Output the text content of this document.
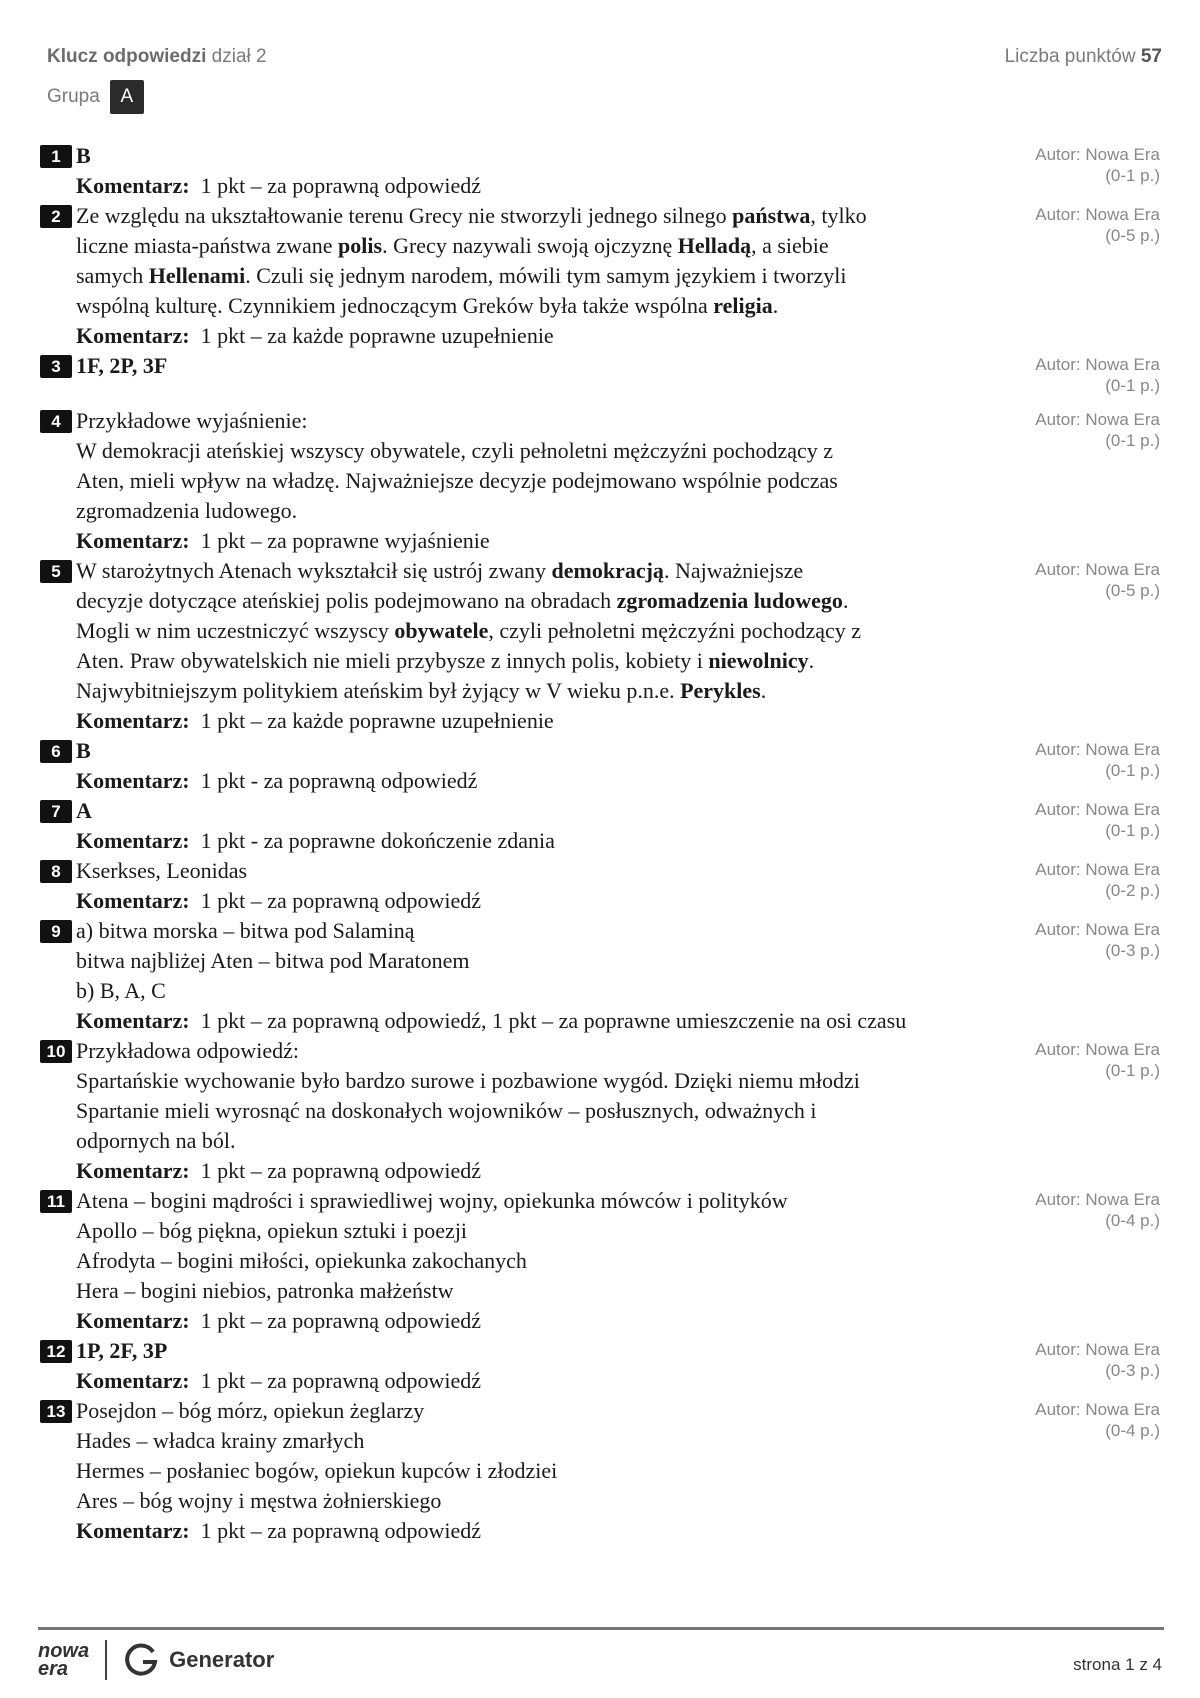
Klucz odpowiedzi dział 2	Liczba punktów 57
Grupa	A
1 B
Komentarz: 1 pkt – za poprawną odpowiedź
Autor: Nowa Era
(0-1 p.)
2 Ze względu na ukształtowanie terenu Grecy nie stworzyli jednego silnego państwa, tylko
liczne miasta-państwa zwane polis. Grecy nazywali swoją ojczyznę Helladą, a siebie
samych Hellenami. Czuli się jednym narodem, mówili tym samym językiem i tworzyli
wspólną kulturę. Czynnikiem jednoczącym Greków była także wspólna religia.
Komentarz: 1 pkt – za każde poprawne uzupełnienie
Autor: Nowa Era
(0-5 p.)
3 1F, 2P, 3F	Autor: Nowa Era
(0-1 p.)
4 Przykładowe wyjaśnienie:
W demokracji ateńskiej wszyscy obywatele, czyli pełnoletni mężczyźni pochodzący z
Aten, mieli wpływ na władzę. Najważniejsze decyzje podejmowano wspólnie podczas
zgromadzenia ludowego.
Komentarz: 1 pkt – za poprawne wyjaśnienie
Autor: Nowa Era
(0-1 p.)
5 W starożytnych Atenach wykształcił się ustrój zwany demokracją. Najważniejsze
decyzje dotyczące ateńskiej polis podejmowano na obradach zgromadzenia ludowego.
Mogli w nim uczestniczyć wszyscy obywatele, czyli pełnoletni mężczyźni pochodzący z
Aten. Praw obywatelskich nie mieli przybysze z innych polis, kobiety i niewolnicy.
Najwybitniejszym politykiem ateńskim był żyjący w V wieku p.n.e. Perykles.
Komentarz: 1 pkt – za każde poprawne uzupełnienie
Autor: Nowa Era
(0-5 p.)
6 B
Komentarz: 1 pkt - za poprawną odpowiedź
Autor: Nowa Era
(0-1 p.)
7 A
Komentarz: 1 pkt - za poprawne dokończenie zdania
Autor: Nowa Era
(0-1 p.)
8 Kserkses, Leonidas
Komentarz: 1 pkt – za poprawną odpowiedź
Autor: Nowa Era
(0-2 p.)
9 a) bitwa morska – bitwa pod Salaminą
bitwa najbliżej Aten – bitwa pod Maratonem
b) B, A, C
Komentarz: 1 pkt – za poprawną odpowiedź, 1 pkt – za poprawne umieszczenie na osi czasu
Autor: Nowa Era
(0-3 p.)
10 Przykładowa odpowiedź:
Spartańskie wychowanie było bardzo surowe i pozbawione wygód. Dzięki niemu młodzi
Spartanie mieli wyrosnąć na doskonałych wojowników – posłusznych, odważnych i
odpornych na ból.
Komentarz: 1 pkt – za poprawną odpowiedź
Autor: Nowa Era
(0-1 p.)
11 Atena – bogini mądrości i sprawiedliwej wojny, opiekunka mówców i polityków
Apollo – bóg piękna, opiekun sztuki i poezji
Afrodyta – bogini miłości, opiekunka zakochanych
Hera – bogini niebios, patronka małżeństw
Komentarz: 1 pkt – za poprawną odpowiedź
Autor: Nowa Era
(0-4 p.)
12 1P, 2F, 3P
Komentarz: 1 pkt – za poprawną odpowiedź
Autor: Nowa Era
(0-3 p.)
13 Posejdon – bóg mórz, opiekun żeglarzy
Hades – władca krainy zmarłych
Hermes – posłaniec bogów, opiekun kupców i złodziei
Ares – bóg wojny i męstwa żołnierskiego
Komentarz: 1 pkt – za poprawną odpowiedź
Autor: Nowa Era
(0-4 p.)
nowa
era	Generator	strona 1 z 4
